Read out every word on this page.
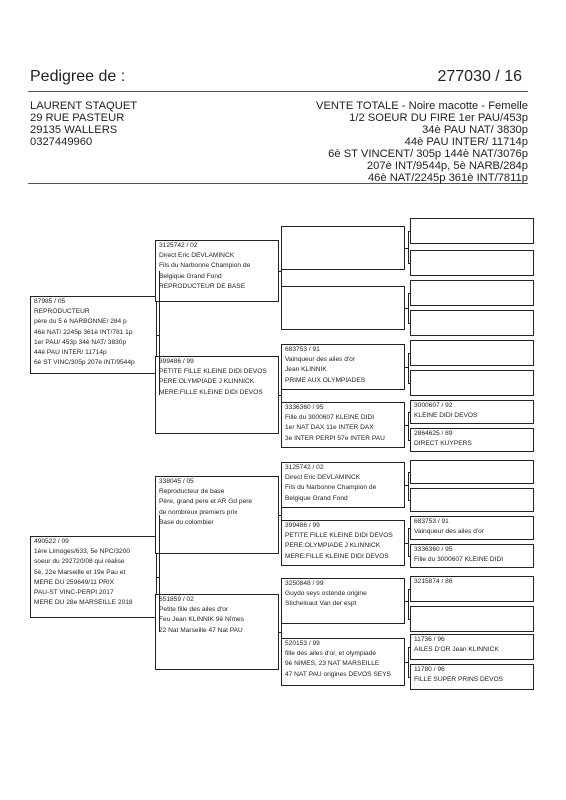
Pedigree de :	277030 / 16
LAURENT STAQUET
29 RUE PASTEUR
29135 WALLERS
0327449960
VENTE TOTALE - Noire macotte - Femelle
1/2 SOEUR DU FIRE 1er PAU/453p
34è PAU NAT/ 3830p
44è PAU INTER/ 11714p
6è ST VINCENT/ 305p 144è NAT/3076p
207è INT/9544p, 5è NARB/284p
46è NAT/2245p 361è INT/7811p
87985 / 05
REPRODUCTEUR
père du 5 è NARBONNE/ 284 p
46è NAT/ 2245p 361è INT/781 1p
1er PAU/ 453p 34è NAT/ 3830p
44è PAU INTER/ 11714p
6è ST VINC/305p 207è INT/9544p
3125742 / 02
Direct Eric DEVLAMINCK
Fils du Narbonne Champion de
Belgique Grand Fond
REPRODUCTEUR DE BASE
399486 / 99
PETITE FILLE KLEINE DIDI DEVOS
PERE:OLYMPIADE J KLINNICK
MERE:FILLE KLEINE DIDI DEVOS
683753 / 91
Vainqueur des ailes d'or
Jean KLINNIK
PRIME AUX OLYMPIADES
3336360 / 95
Fille du 3000607 KLEINE DIDI
1er NAT DAX 11e INTER DAX
3e INTER PERPI 57e INTER PAU
3000607 / 92
KLEINE DIDI DEVOS
2864625 / 89
DIRECT KUYPERS
490522 / 09
1ère Limoges/633, 5e NPC/3200
soeur du 292720/08 qui réalise
5è, 22e Marseille et 19e Pau et
MERE DU 259649/11 PRIX
PAU-ST VINC-PERPI 2017
MERE DU 28e MARSEILLE 2018
338045 / 05
Reproducteur de base
Père, grand pere et AR Gd pere
de nombreux premiers prix
Base du colombier
651859 / 02
Petite fille des ailes d'or
Feu Jean KLINNIK 9è Nîmes
22 Nat Marseille 47 Nat PAU
3125742 / 02
Direct Eric DEVLAMINCK
Fils du Narbonne Champion de
Belgique Grand Fond
399486 / 99
PETITE FILLE KLEINE DIDI DEVOS
PERE:OLYMPIADE J KLINNICK
MERE:FILLE KLEINE DIDI DEVOS
3250848 / 99
Guydo seys ostende origine
Sticheloaut Van der espt
520153 / 99
fille des ailes d'or, et olympiade
9è NIMES, 23 NAT MARSEILLE
47 NAT PAU origines DEVOS SEYS
683753 / 91
Vainqueur des ailes d'or
3336360 / 95
Fille du 3000607 KLEINE DIDI
3215874 / 86
11736 / 96
AILES D'OR Jean KLINNICK
11780 / 96
FILLE SUPER PRINS DEVOS
